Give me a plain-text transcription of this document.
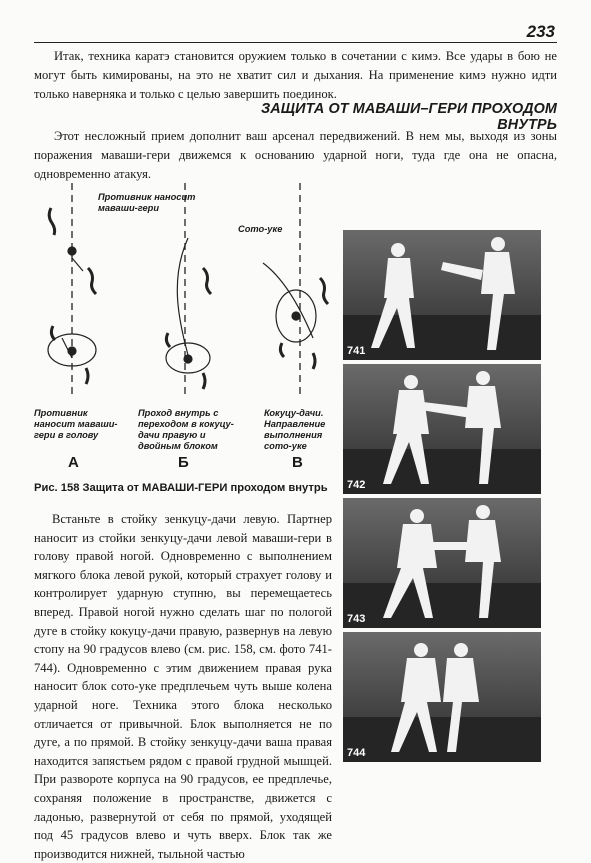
233

Итак, техника каратэ становится оружием только в сочетании с кимэ. Все удары в бою не могут быть кимированы, на это не хватит сил и дыхания. На применение кимэ нужно идти только наверняка и только с целью завершить поединок.

ЗАЩИТА ОТ МАВАШИ–ГЕРИ ПРОХОДОМ ВНУТРЬ

Этот несложный прием дополнит ваш арсенал передвижений. В нем мы, выходя из зоны поражения маваши-гери движемся к основанию ударной ноги, туда где она не опасна, одновременно атакуя.

Противник наносит маваши-гери
Сото-уке
Противник наносит маваши-гери в голову
Проход внутрь с переходом в кокуцу-дачи правую и двойным блоком
Кокуцу-дачи. Направление выполнения сото-уке
А	Б	В

Рис. 158 Защита от МАВАШИ-ГЕРИ проходом внутрь

Встаньте в стойку зенкуцу-дачи левую. Партнер наносит из стойки зенкуцу-дачи левой маваши-гери в голову правой ногой. Одновременно с выполнением мягкого блока левой рукой, который страхует голову и контролирует ударную ступню, вы перемещаетесь вперед. Правой ногой нужно сделать шаг по пологой дуге в стойку кокуцу-дачи правую, развернув на левую стопу на 90 градусов влево (см. рис. 158, см. фото 741-744). Одновременно с этим движением правая рука наносит блок сото-уке предплечьем чуть выше колена ударной ноге. Техника этого блока несколько отличается от привычной. Блок выполняется не по дуге, а по прямой. В стойку зенкуцу-дачи ваша правая находится запястьем рядом с правой грудной мышцей. При развороте корпуса на 90 градусов, ее предплечье, сохраняя положение в пространстве, движется с ладонью, развернутой от себя по прямой, уходящей под 45 градусов влево и чуть вверх. Блок так же производится нижней, тыльной частью

741
742
743
744
